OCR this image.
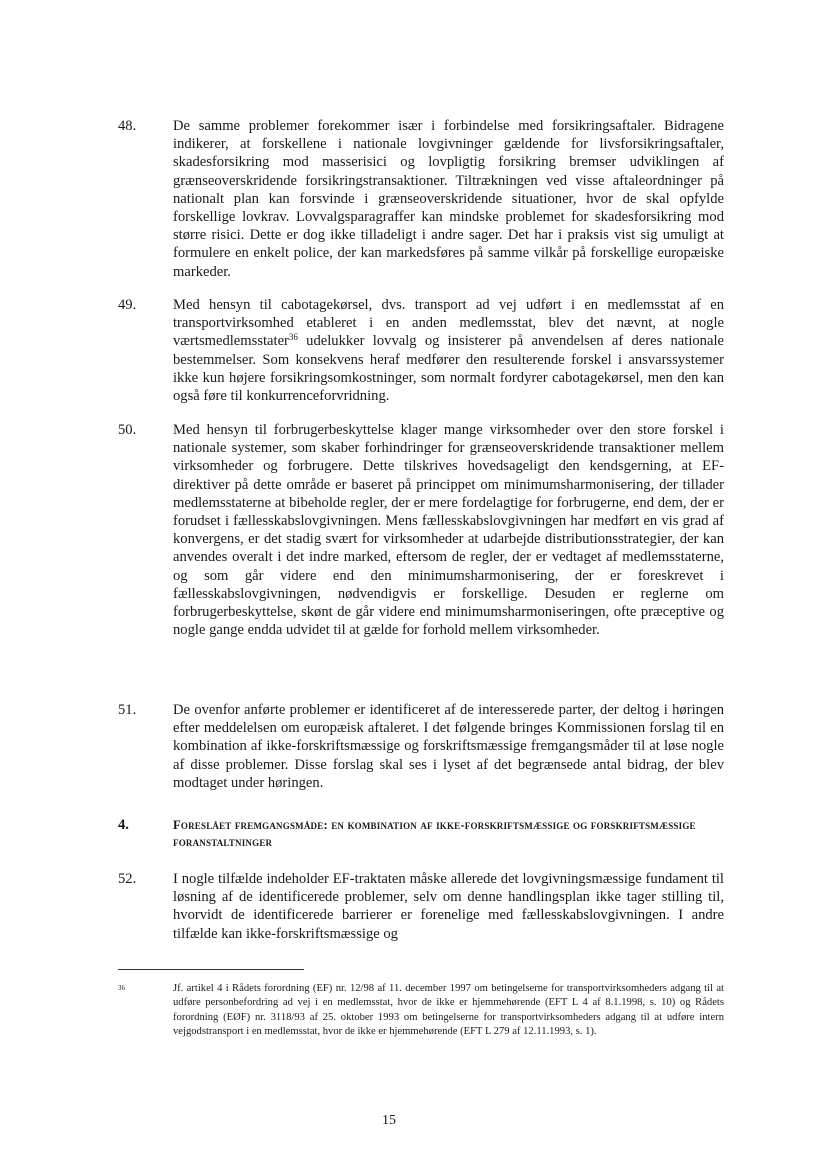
48.	De samme problemer forekommer især i forbindelse med forsikringsaftaler. Bidragene indikerer, at forskellene i nationale lovgivninger gældende for livsforsikringsaftaler, skadesforsikring mod masserisici og lovpligtig forsikring bremser udviklingen af grænseoverskridende forsikringstransaktioner. Tiltrækningen ved visse aftaleordninger på nationalt plan kan forsvinde i grænseoverskridende situationer, hvor de skal opfylde forskellige lovkrav. Lovvalgsparagraffer kan mindske problemet for skadesforsikring mod større risici. Dette er dog ikke tilladeligt i andre sager. Det har i praksis vist sig umuligt at formulere en enkelt police, der kan markedsføres på samme vilkår på forskellige europæiske markeder.
49.	Med hensyn til cabotagekørsel, dvs. transport ad vej udført i en medlemsstat af en transportvirksomhed etableret i en anden medlemsstat, blev det nævnt, at nogle værtsmedlemsstater$^{36}$ udelukker lovvalg og insisterer på anvendelsen af deres nationale bestemmelser. Som konsekvens heraf medfører den resulterende forskel i ansvarssystemer ikke kun højere forsikringsomkostninger, som normalt fordyrer cabotagekørsel, men den kan også føre til konkurrenceforvridning.
50.	Med hensyn til forbrugerbeskyttelse klager mange virksomheder over den store forskel i nationale systemer, som skaber forhindringer for grænseoverskridende transaktioner mellem virksomheder og forbrugere. Dette tilskrives hovedsageligt den kendsgerning, at EF-direktiver på dette område er baseret på princippet om minimumsharmonisering, der tillader medlemsstaterne at bibeholde regler, der er mere fordelagtige for forbrugerne, end dem, der er forudset i fællesskabslovgivningen. Mens fællesskabslovgivningen har medført en vis grad af konvergens, er det stadig svært for virksomheder at udarbejde distributionsstrategier, der kan anvendes overalt i det indre marked, eftersom de regler, der er vedtaget af medlemsstaterne, og som går videre end den minimumsharmonisering, der er foreskrevet i fællesskabslovgivningen, nødvendigvis er forskellige. Desuden er reglerne om forbrugerbeskyttelse, skønt de går videre end minimumsharmoniseringen, ofte præceptive og nogle gange endda udvidet til at gælde for forhold mellem virksomheder.
51.	De ovenfor anførte problemer er identificeret af de interesserede parter, der deltog i høringen efter meddelelsen om europæisk aftaleret. I det følgende bringes Kommissionen forslag til en kombination af ikke-forskriftsmæssige og forskriftsmæssige fremgangsmåder til at løse nogle af disse problemer. Disse forslag skal ses i lyset af det begrænsede antal bidrag, der blev modtaget under høringen.
4.	Foreslået fremgangsmåde: en kombination af ikke-forskriftsmæssige og forskriftsmæssige foranstaltninger
52.	I nogle tilfælde indeholder EF-traktaten måske allerede det lovgivningsmæssige fundament til løsning af de identificerede problemer, selv om denne handlingsplan ikke tager stilling til, hvorvidt de identificerede barrierer er forenelige med fællesskabslovgivningen. I andre tilfælde kan ikke-forskriftsmæssige og
36	Jf. artikel 4 i Rådets forordning (EF) nr. 12/98 af 11. december 1997 om betingelserne for transportvirksomheders adgang til at udføre personbefordring ad vej i en medlemsstat, hvor de ikke er hjemmehørende (EFT L 4 af 8.1.1998, s. 10) og Rådets forordning (EØF) nr. 3118/93 af 25. oktober 1993 om betingelserne for transportvirksomheders adgang til at udføre intern vejgodstransport i en medlemsstat, hvor de ikke er hjemmehørende (EFT L 279 af 12.11.1993, s. 1).
15
